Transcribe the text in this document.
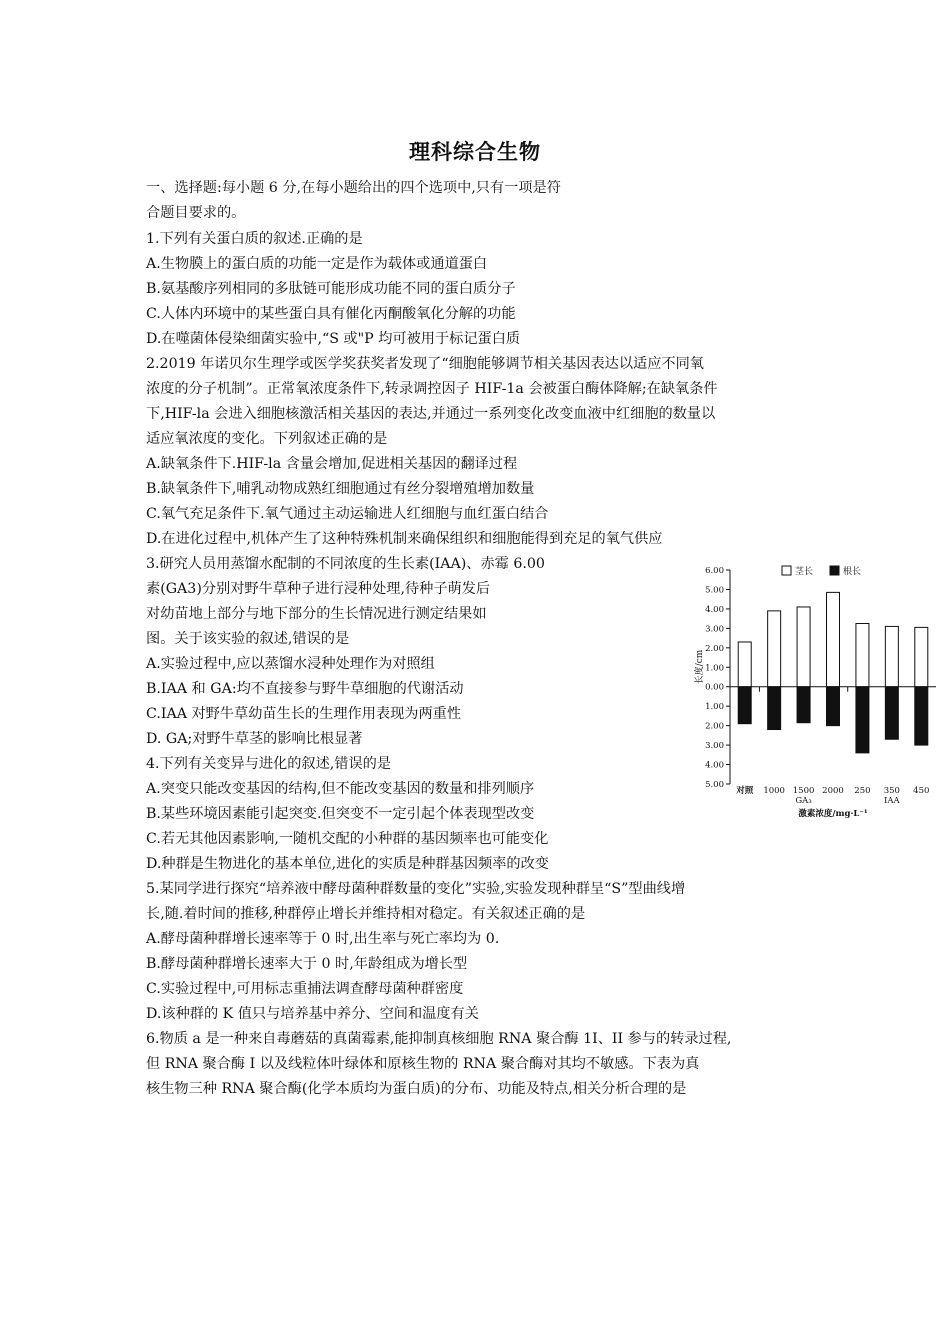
理科综合生物
一、选择题:每小题 6 分,在每小题给出的四个选项中,只有一项是符
合题目要求的。
1.下列有关蛋白质的叙述.正确的是
A.生物膜上的蛋白质的功能一定是作为载体或通道蛋白
B.氨基酸序列相同的多肽链可能形成功能不同的蛋白质分子
C.人体内环境中的某些蛋白具有催化丙酮酸氧化分解的功能
D.在噬菌体侵染细菌实验中,“S 或"P 均可被用于标记蛋白质
2.2019 年诺贝尔生理学或医学奖获奖者发现了“细胞能够调节相关基因表达以适应不同氧
浓度的分子机制”。正常氧浓度条件下,转录调控因子 HIF-1a 会被蛋白酶体降解;在缺氧条件
下,HIF-la 会进入细胞核激活相关基因的表达,并通过一系列变化改变血液中红细胞的数量以
适应氧浓度的变化。下列叙述正确的是
A.缺氧条件下.HIF-la 含量会增加,促进相关基因的翻译过程
B.缺氧条件下,哺乳动物成熟红细胞通过有丝分裂增殖增加数量
C.氧气充足条件下.氧气通过主动运输进人红细胞与血红蛋白结合
D.在进化过程中,机体产生了这种特殊机制来确保组织和细胞能得到充足的氧气供应
3.研究人员用蒸馏水配制的不同浓度的生长素(IAA)、赤霉 6.00
素(GA3)分别对野牛草种子进行浸种处理,待种子萌发后
对幼苗地上部分与地下部分的生长情况进行测定结果如
图。关于该实验的叙述,错误的是
A.实验过程中,应以蒸馏水浸种处理作为对照组
B.IAA 和 GA:均不直接参与野牛草细胞的代谢活动
C.IAA 对野牛草幼苗生长的生理作用表现为两重性
D. GA;对野牛草茎的影响比根显著
4.下列有关变异与进化的叙述,错误的是
A.突变只能改变基因的结构,但不能改变基因的数量和排列顺序
B.某些环境因素能引起突变.但突变不一定引起个体表现型改变
C.若无其他因素影响,一随机交配的小种群的基因频率也可能变化
D.种群是生物进化的基本单位,进化的实质是种群基因频率的改变
5.某同学进行探究“培养液中酵母菌种群数量的变化”实验,实验发现种群呈“S”型曲线增
长,随.着时间的推移,种群停止增长并维持相对稳定。有关叙述正确的是
A.酵母菌种群增长速率等于 0 时,出生率与死亡率均为 0.
B.酵母菌种群增长速率大于 0 时,年龄组成为增长型
C.实验过程中,可用标志重捕法调查酵母菌种群密度
D.该种群的 K 值只与培养基中养分、空间和温度有关
6.物质 a 是一种来自毒蘑菇的真菌霉素,能抑制真核细胞 RNA 聚合酶 1I、II 参与的转录过程,
但 RNA 聚合酶 I 以及线粒体叶绿体和原核生物的 RNA 聚合酶对其均不敏感。下表为真
核生物三种 RNA 聚合酶(化学本质均为蛋白质)的分布、功能及特点,相关分析合理的是
6.00
5.00
4.00
3.00
2.00
1.00
0.00
1.00
2.00
3.00
4.00
5.00
长度/cm
对照 1000 1500 2000 250 350 450
GA₃	IAA
激素浓度/mg·L⁻¹
茎长	根长
